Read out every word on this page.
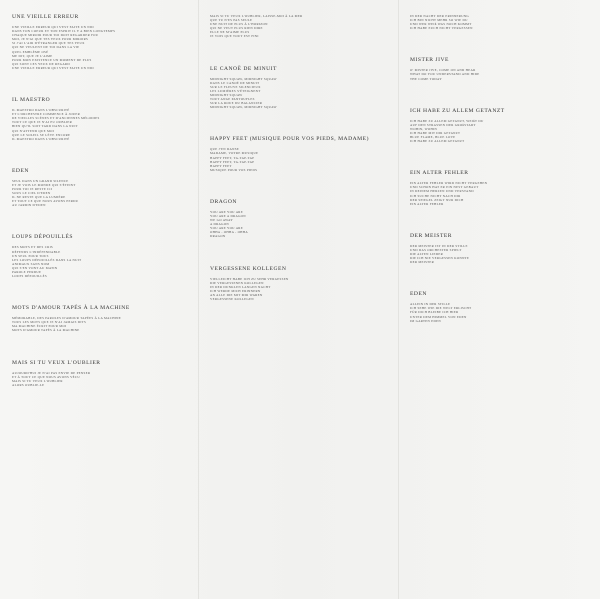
UNE VIEILLE ERREUR
UNE VIEILLE ERREUR QUI S'EST FAITE UN NID
DANS TON COEUR ET TON ESPRIT IL Y A BIEN LONGTEMPS
CHAQUE MIROIR POUR TOI DOIT REGARDER FOU
MOI, JE N'AI QUE TES YEUX POUR MIROIRS
SI J'AI L'AIR D'ÉTRANGER QUE TES YEUX
QUI NE VEULENT DE TOI DANS LA VIE
QUEL EMBLÈME OSÉ
ME DIT, QUE JE L'AIME
POUR MON EXISTENCE UN MOMENT DE PLUS
QUI SONT CES YEUX DE REGARD
UNE VIEILLE ERREUR QUI S'EST FAITE UN NID
IL MAESTRO
IL MAESTRO DANS L'OBSCURITÉ
ET L'ORCHESTRE COMMENCE À JOUER
DE VIEILLES SCÈNES ET D'ANCIENNES MÉLODIES
TOUT CE QUE JE N'AI PU OUBLIER
BIEN QU'IL SOIT TARD DANS LA NUIT
QUI N'ATTEND QUE MOI
QUE LE SOLEIL SE LÈVE ENCORE
IL MAESTRO DANS L'OBSCURITÉ
EDEN
SEUL DANS UN GRAND SILENCE
ET JE VOIS LE MONDE QUI S'ÉTEINT
POUR TOI JE RESTE ICI
SOUS LE CIEL D'EDEN
IL NE RESTE QUE LA LUMIÈRE
ET TOUT CE QUE NOUS AVONS PERDU
AU JARDIN D'EDEN
LOUPS DÉPOUILLÉS
DES MOTS ET DES CRIS
DÉFENDS L'INDÉFENDABLE
UN SEUL POUR TOUS
LES LOUPS DÉPOUILLÉS DANS LA NUIT
ANIMAUX SANS NOM
QUI S'EN VONT AU MATIN
PAROLE PERDUE
LOUPS DÉPOUILLÉS
MOTS D'AMOUR TAPÉS À LA MACHINE
MÉMORABLE, DES PAROLES D'AMOUR TAPÉES À LA MACHINE
TOUS LES MOTS QUE JE N'AI JAMAIS DITS
MA MACHINE ÉCRIT POUR MOI
MOTS D'AMOUR TAPÉS À LA MACHINE
MAIS SI TU VEUX L'OUBLIER
AUJOURD'HUI JE N'AI PAS ENVIE DE PENSER
ET À TOUT CE QUE NOUS AVONS VÉCU
MAIS SI TU VEUX L'OUBLIER
ALORS OUBLIE-LE
MAIS SI TU VEUX L'OUBLIER, LAISSE-MOI À LA MER
QUE TU N'ES PAS SEULE
UNE NUIT DE PLUS À L'HORIZON
QUI NE VEUT PLUS RIEN DIRE
ELLE NE M'AIME PLUS
JE VOIS QUE TOUT EST FINI
LE CANOË DE MINUIT
MIDNIGHT SQUAW, MIDNIGHT SQUAW
DANS LE CANOË DE MINUIT
SUR LE FLEUVE SILENCIEUX
LES LUMIÈRES S'ÉTEIGNENT
MIDNIGHT SQUAW
TOUT ANGE PANTOUFLES
SUR LA ROUE DU BALANCIER
MIDNIGHT SQUAW, MIDNIGHT SQUAW
HAPPY FEET (MUSIQUE POUR VOS PIEDS, MADAME)
QUE J'EN DANSE
MADAME, VOTRE MUSIQUE
HAPPY FEET, TA-TAP-TAP
HAPPY FEET, TA-TAP-TAP
HAPPY FEET
MUSIQUE POUR VOS PIEDS
DRAGON
YOU ARE YOU ARE
YOU ARE A DRAGON
WE GO AWAY
A DRAGON
YOU ARE YOU ARE
OHHA - OHHA - OHHA
DRAGON
VERGESSENE KOLLEGEN
VIELLEICHT HABE ICH ZU SEHR VERGESSEN
DIE VERGESSENEN KOLLEGEN
IN DER DUNKLEN LANGEN NACHT
ICH WERDE MICH ERINNERN
AN ALLE DIE MIT MIR WAREN
VERGESSENE KOLLEGEN
IN DER NACHT DER ERINNERUNG
ICH BIN NICHT MEHR SO WIE DU
UND WER WEIß WAS NOCH KOMMT
ICH HABE EUCH NICHT VERGESSEN
MISTER JIVE
O' MISTER JIVE, COME ON AND HEAR
WHAT DO YOU UNDERSTAND AND HIDE
THE COME TODAY
ICH HABE ZU ALLEM GETANZT
ICH HABE ZU ALLEM GETANZT, WEIßT DU
AUF DEN STRASSEN DER GROßSTADT
WOHIN, WOHIN
ICH HABE MIT DIR GETANZT
BLUE FLAME, BLUE LOVE
ICH HABE ZU ALLEM GETANZT
EIN ALTER FEHLER
EIN ALTER FEHLER WIRD NICHT VERGEHEN
UND SCHON HAT ER EIN NEST GEBAUT
IN DEINEM HERZEN UND VERSTAND
ICH SUCHE NICHT NACH DIR
DER SPIEGEL ZEIGT NUR DICH
EIN ALTER FEHLER
DER MEISTER
DER MEISTER IST IN DER STILLE
UND DAS ORCHESTER SPIELT
DIE ALTEN LIEDER
DIE ICH NIE VERGESSEN KONNTE
DER MEISTER
EDEN
ALLEIN IN DER STILLE
ICH SEHE WIE DIE WELT ERLISCHT
FÜR DICH BLEIBE ICH HIER
UNTER DEM HIMMEL VON EDEN
IM GARTEN EDEN
